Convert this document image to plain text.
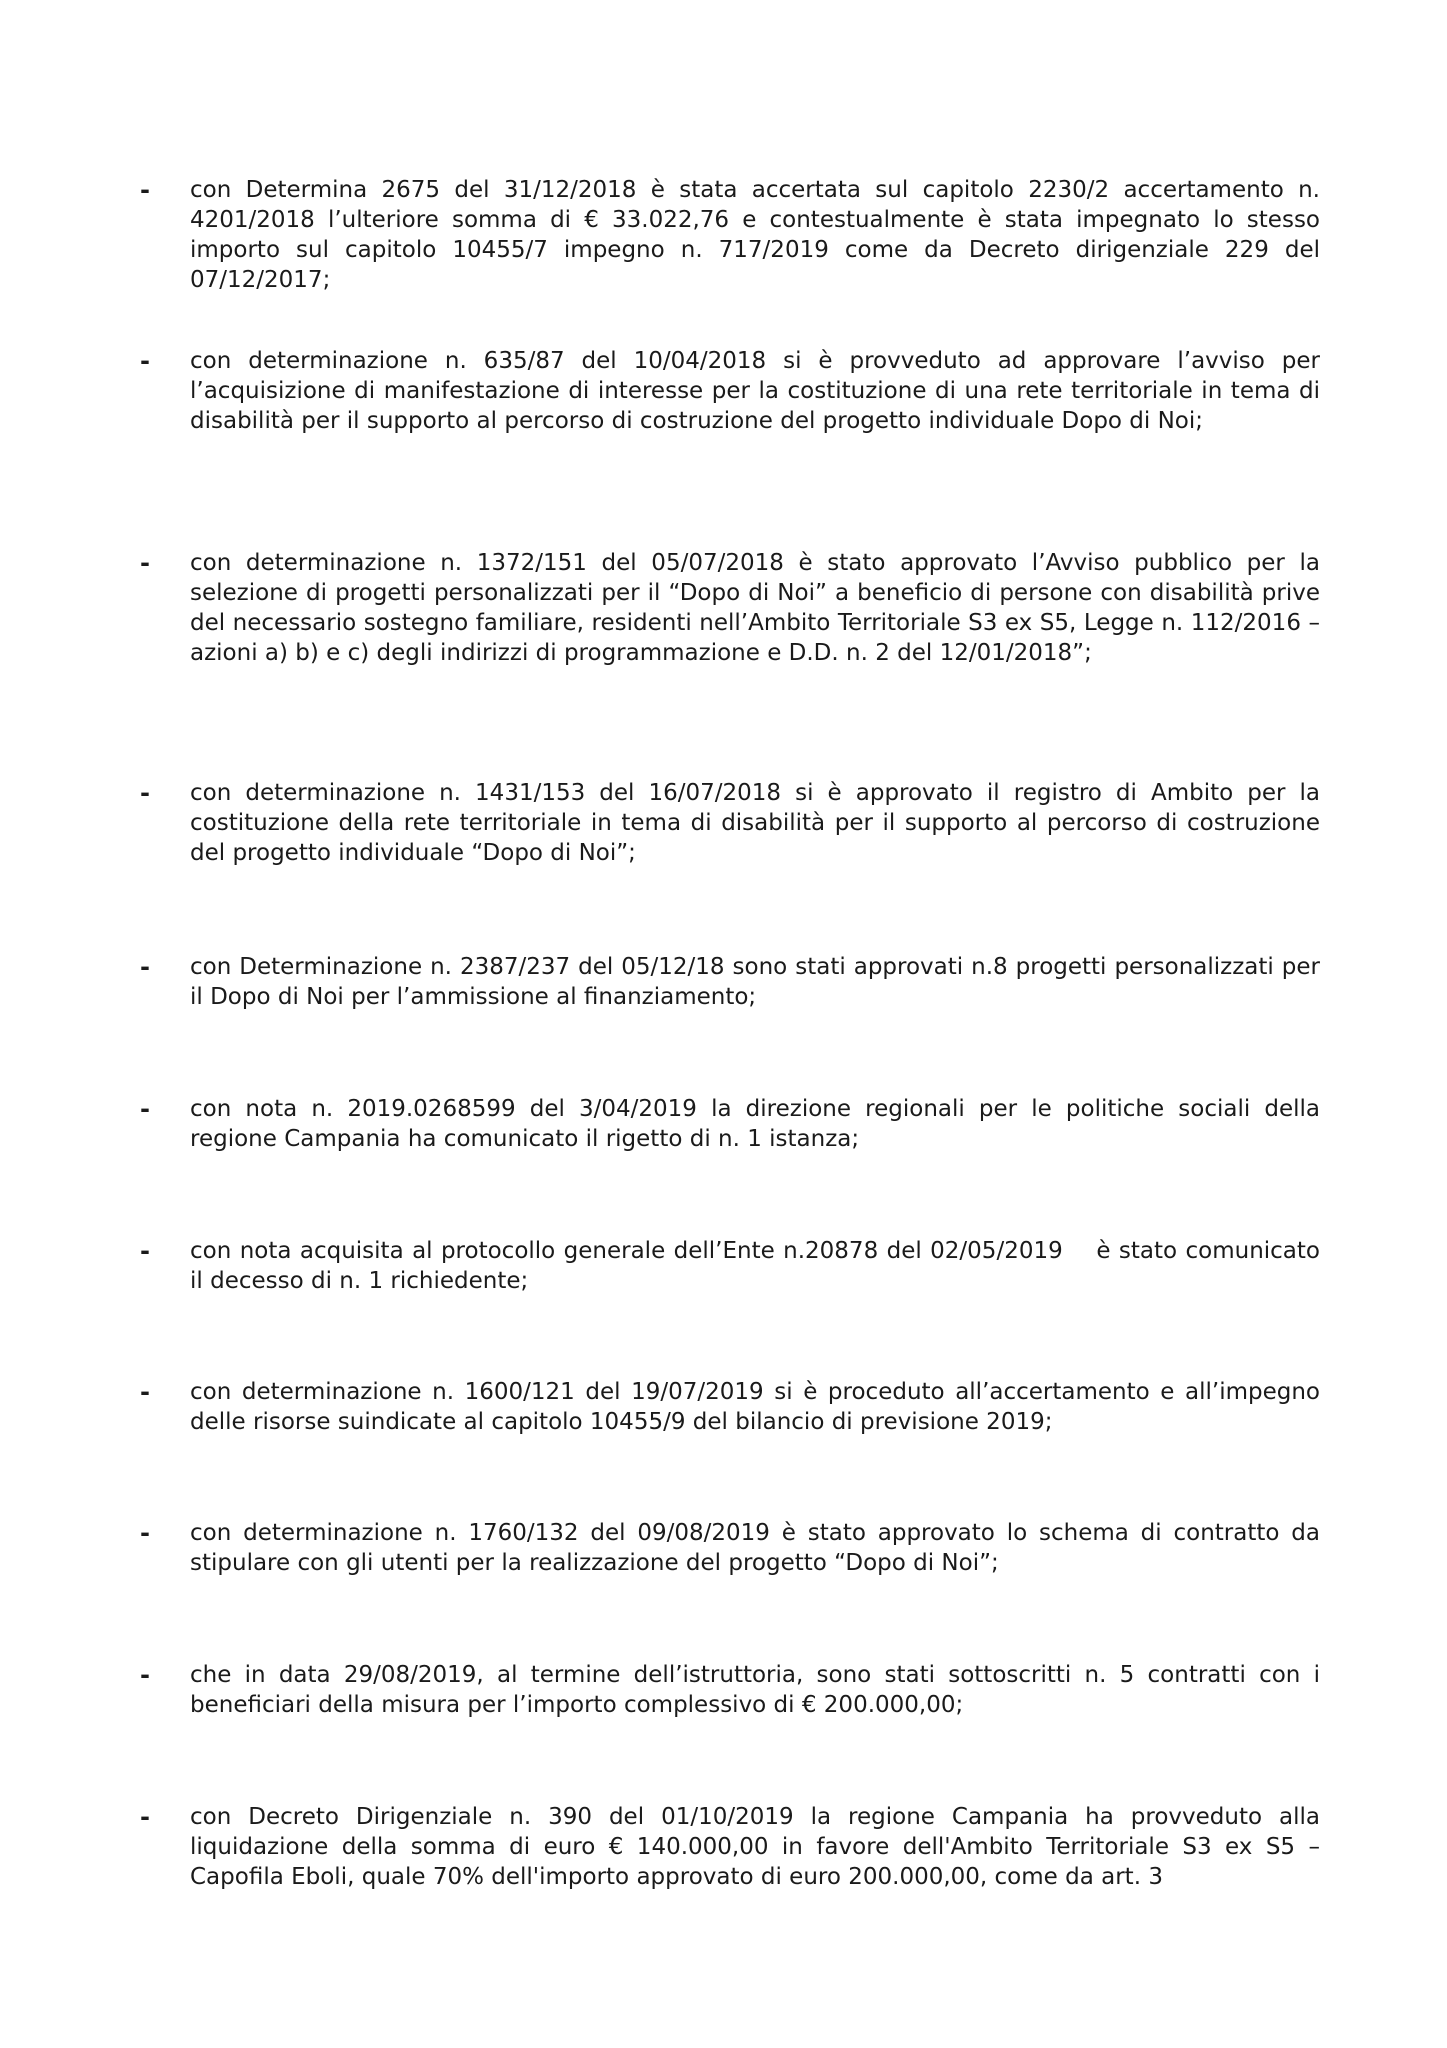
- con Determina 2675 del 31/12/2018 è stata accertata sul capitolo 2230/2 accertamento n. 4201/2018 l’ulteriore somma di € 33.022,76 e contestualmente è stata impegnato lo stesso importo sul capitolo 10455/7 impegno n. 717/2019 come da Decreto dirigenziale 229 del 07/12/2017;
- con determinazione n. 635/87 del 10/04/2018 si è provveduto ad approvare l’avviso per l’acquisizione di manifestazione di interesse per la costituzione di una rete territoriale in tema di disabilità per il supporto al percorso di costruzione del progetto individuale Dopo di Noi;
- con determinazione n. 1372/151 del 05/07/2018 è stato approvato l’Avviso pubblico per la selezione di progetti personalizzati per il “Dopo di Noi” a beneficio di persone con disabilità prive del necessario sostegno familiare, residenti nell’Ambito Territoriale S3 ex S5, Legge n. 112/2016 – azioni a) b) e c) degli indirizzi di programmazione e D.D. n. 2 del 12/01/2018”;
- con determinazione n. 1431/153 del 16/07/2018 si è approvato il registro di Ambito per la costituzione della rete territoriale in tema di disabilità per il supporto al percorso di costruzione del progetto individuale “Dopo di Noi”;
- con Determinazione n. 2387/237 del 05/12/18 sono stati approvati n.8 progetti personalizzati per il Dopo di Noi per l’ammissione al finanziamento;
- con nota n. 2019.0268599 del 3/04/2019 la direzione regionali per le politiche sociali della regione Campania ha comunicato il rigetto di n. 1 istanza;
- con nota acquisita al protocollo generale dell’Ente n.20878 del 02/05/2019    è stato comunicato il decesso di n. 1 richiedente;
- con determinazione n. 1600/121 del 19/07/2019 si è proceduto all’accertamento e all’impegno delle risorse suindicate al capitolo 10455/9 del bilancio di previsione 2019;
- con determinazione n. 1760/132 del 09/08/2019 è stato approvato lo schema di contratto da stipulare con gli utenti per la realizzazione del progetto “Dopo di Noi”;
- che in data 29/08/2019, al termine dell’istruttoria, sono stati sottoscritti n. 5 contratti con i beneficiari della misura per l’importo complessivo di € 200.000,00;
- con Decreto Dirigenziale n. 390 del 01/10/2019 la regione Campania ha provveduto alla liquidazione della somma di euro € 140.000,00 in favore dell'Ambito Territoriale S3 ex S5 – Capofila Eboli, quale 70% dell'importo approvato di euro 200.000,00, come da art. 3
